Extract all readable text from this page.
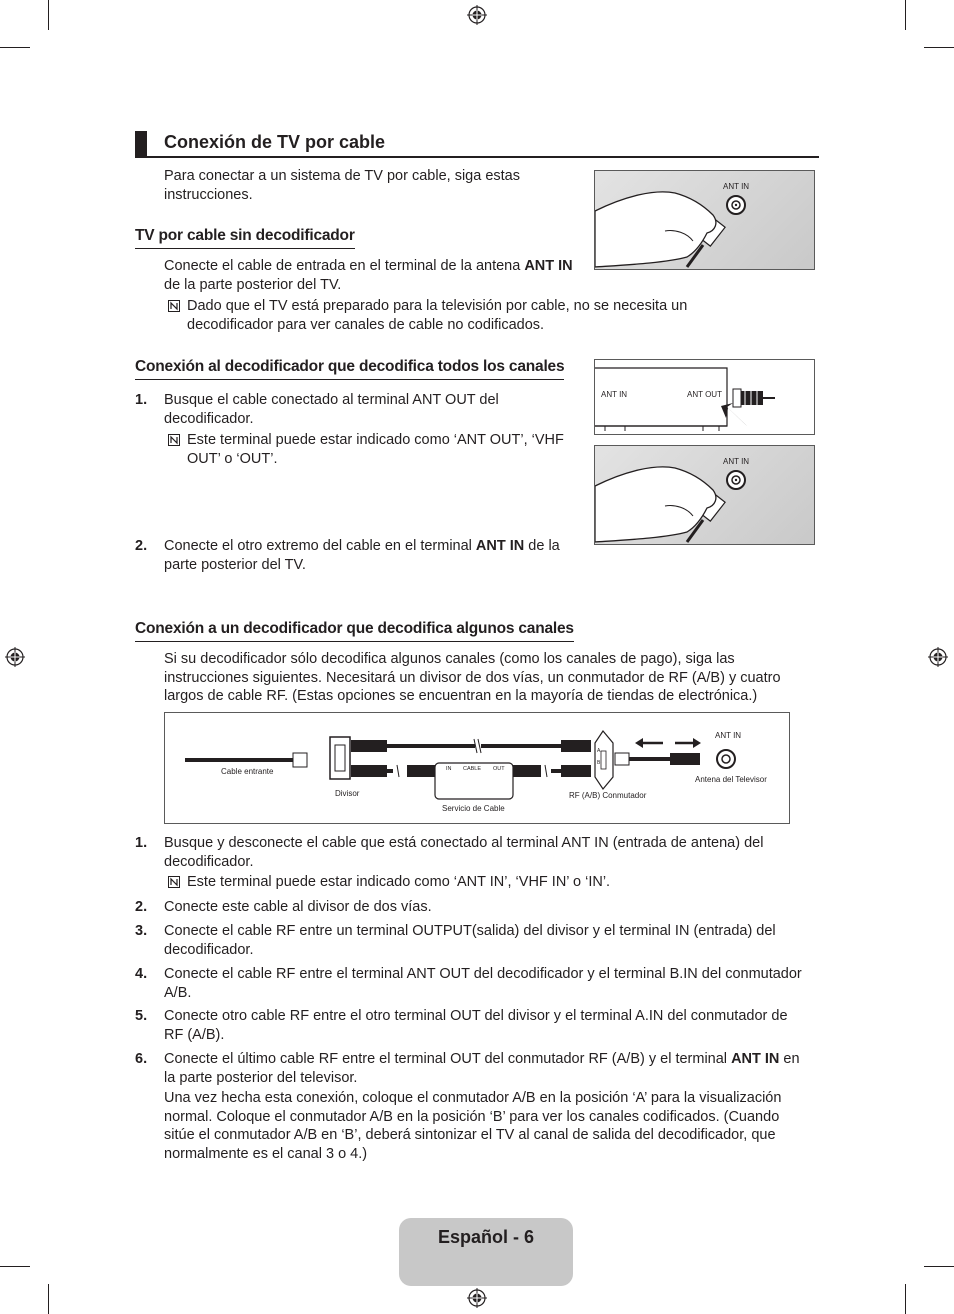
Conexión de TV por cable
Para conectar a un sistema de TV por cable, siga estas instrucciones.
TV por cable sin decodificador
Conecte el cable de entrada en el terminal de la antena ANT IN
de la parte posterior del TV.
Dado que el TV está preparado para la televisión por cable, no se necesita un
decodificador para ver canales de cable no codificados.
ANT IN
Conexión al decodificador que decodifica todos los canales
1. Busque el cable conectado al terminal ANT OUT del
decodificador.
Este terminal puede estar indicado como ‘ANT OUT’, ‘VHF
OUT’ o ‘OUT’.
2. Conecte el otro extremo del cable en el terminal ANT IN de la
parte posterior del TV.
ANT IN	ANT OUT
ANT IN
Conexión a un decodificador que decodifica algunos canales
Si su decodificador sólo decodifica algunos canales (como los canales de pago), siga las
instrucciones siguientes. Necesitará un divisor de dos vías, un conmutador de RF (A/B) y cuatro
largos de cable RF. (Estas opciones se encuentran en la mayoría de tiendas de electrónica.)
Cable entrante
Divisor
IN CABLE OUT
Servicio de Cable
A
B
RF (A/B) Conmutador
ANT IN
Antena del Televisor
1. Busque y desconecte el cable que está conectado al terminal ANT IN (entrada de antena) del
decodificador.
Este terminal puede estar indicado como ‘ANT IN’, ‘VHF IN’ o ‘IN’.
2. Conecte este cable al divisor de dos vías.
3. Conecte el cable RF entre un terminal OUTPUT(salida) del divisor y el terminal IN (entrada) del
decodificador.
4. Conecte el cable RF entre el terminal ANT OUT del decodificador y el terminal B.IN del conmutador
A/B.
5. Conecte otro cable RF entre el otro terminal OUT del divisor y el terminal A.IN del conmutador de
RF (A/B).
6. Conecte el último cable RF entre el terminal OUT del conmutador RF (A/B) y el terminal ANT IN en
la parte posterior del televisor.
Una vez hecha esta conexión, coloque el conmutador A/B en la posición ‘A’ para la visualización
normal. Coloque el conmutador A/B en la posición ‘B’ para ver los canales codificados. (Cuando
sitúe el conmutador A/B en ‘B’, deberá sintonizar el TV al canal de salida del decodificador, que
normalmente es el canal 3 o 4.)
Español - 6
